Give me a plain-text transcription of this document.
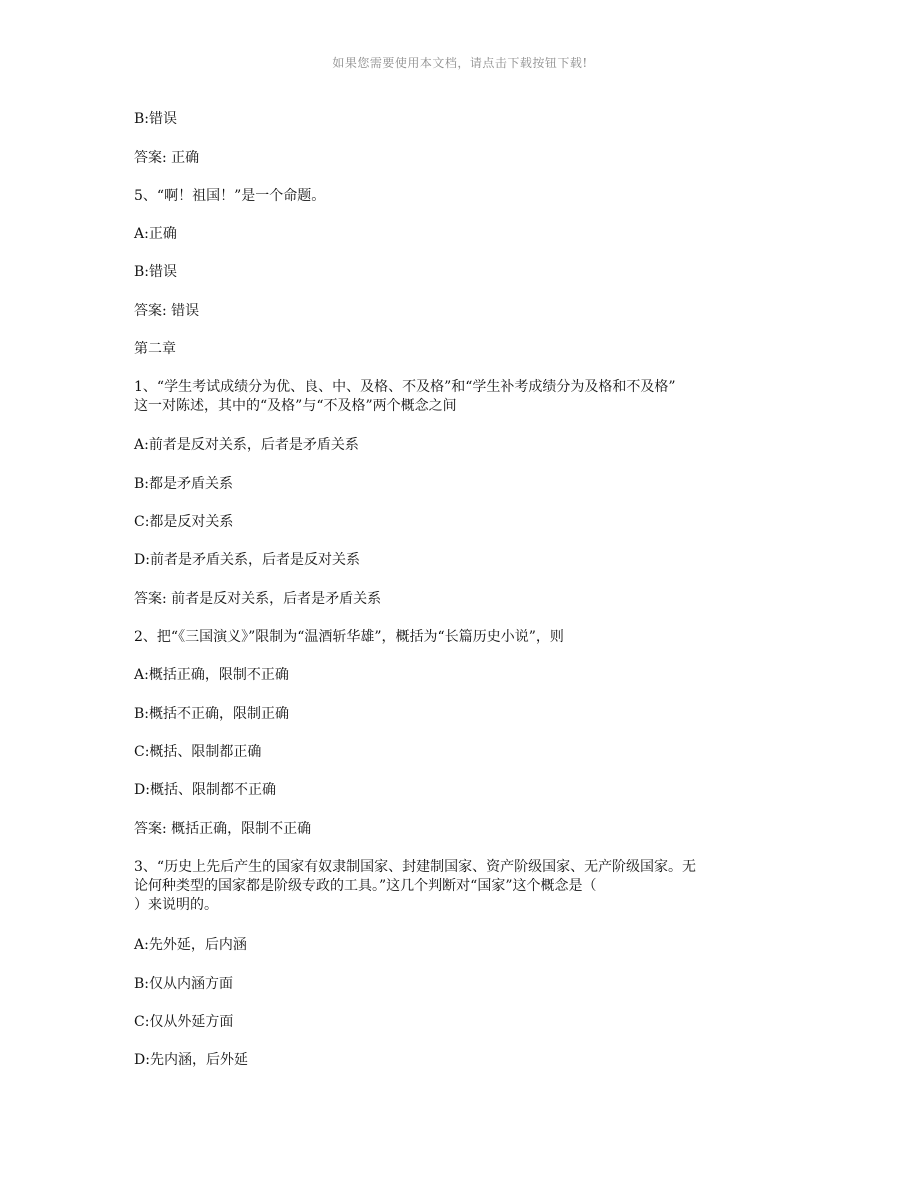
如果您需要使用本文档，请点击下载按钮下载!
B:错误
答案: 正确
5、“啊！祖国！”是一个命题。
A:正确
B:错误
答案: 错误
第二章
1、“学生考试成绩分为优、良、中、及格、不及格”和“学生补考成绩分为及格和不及格”
这一对陈述，其中的“及格”与“不及格”两个概念之间
A:前者是反对关系，后者是矛盾关系
B:都是矛盾关系
C:都是反对关系
D:前者是矛盾关系，后者是反对关系
答案: 前者是反对关系，后者是矛盾关系
2、把“《三国演义》”限制为“温酒斩华雄”，概括为“长篇历史小说”，则
A:概括正确，限制不正确
B:概括不正确，限制正确
C:概括、限制都正确
D:概括、限制都不正确
答案: 概括正确，限制不正确
3、“历史上先后产生的国家有奴隶制国家、封建制国家、资产阶级国家、无产阶级国家。无
论何种类型的国家都是阶级专政的工具。”这几个判断对“国家”这个概念是（
）来说明的。
A:先外延，后内涵
B:仅从内涵方面
C:仅从外延方面
D:先内涵，后外延
